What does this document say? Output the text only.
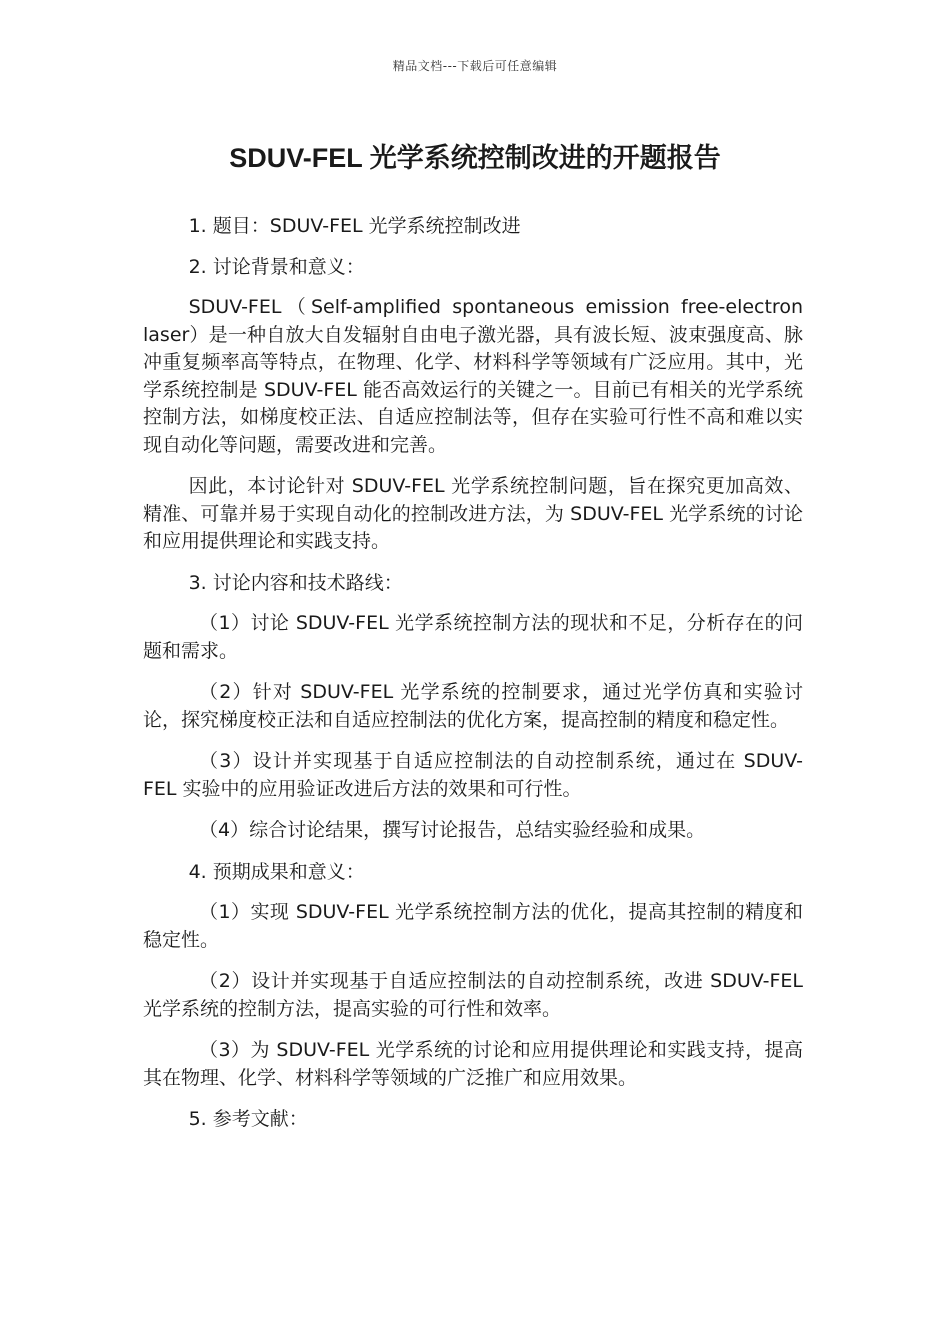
精品文档---下载后可任意编辑
SDUV-FEL 光学系统控制改进的开题报告

1. 题目：SDUV-FEL 光学系统控制改进

2. 讨论背景和意义：

SDUV-FEL（Self-amplified spontaneous emission free-electron laser）是一种自放大自发辐射自由电子激光器，具有波长短、波束强度高、脉冲重复频率高等特点，在物理、化学、材料科学等领域有广泛应用。其中，光学系统控制是 SDUV-FEL 能否高效运行的关键之一。目前已有相关的光学系统控制方法，如梯度校正法、自适应控制法等，但存在实验可行性不高和难以实现自动化等问题，需要改进和完善。

因此，本讨论针对 SDUV-FEL 光学系统控制问题，旨在探究更加高效、精准、可靠并易于实现自动化的控制改进方法，为 SDUV-FEL 光学系统的讨论和应用提供理论和实践支持。

3. 讨论内容和技术路线：

（1）讨论 SDUV-FEL 光学系统控制方法的现状和不足，分析存在的问题和需求。

（2）针对 SDUV-FEL 光学系统的控制要求，通过光学仿真和实验讨论，探究梯度校正法和自适应控制法的优化方案，提高控制的精度和稳定性。

（3）设计并实现基于自适应控制法的自动控制系统，通过在 SDUV-FEL 实验中的应用验证改进后方法的效果和可行性。

（4）综合讨论结果，撰写讨论报告，总结实验经验和成果。

4. 预期成果和意义：

（1）实现 SDUV-FEL 光学系统控制方法的优化，提高其控制的精度和稳定性。

（2）设计并实现基于自适应控制法的自动控制系统，改进 SDUV-FEL 光学系统的控制方法，提高实验的可行性和效率。

（3）为 SDUV-FEL 光学系统的讨论和应用提供理论和实践支持，提高其在物理、化学、材料科学等领域的广泛推广和应用效果。

5. 参考文献：
